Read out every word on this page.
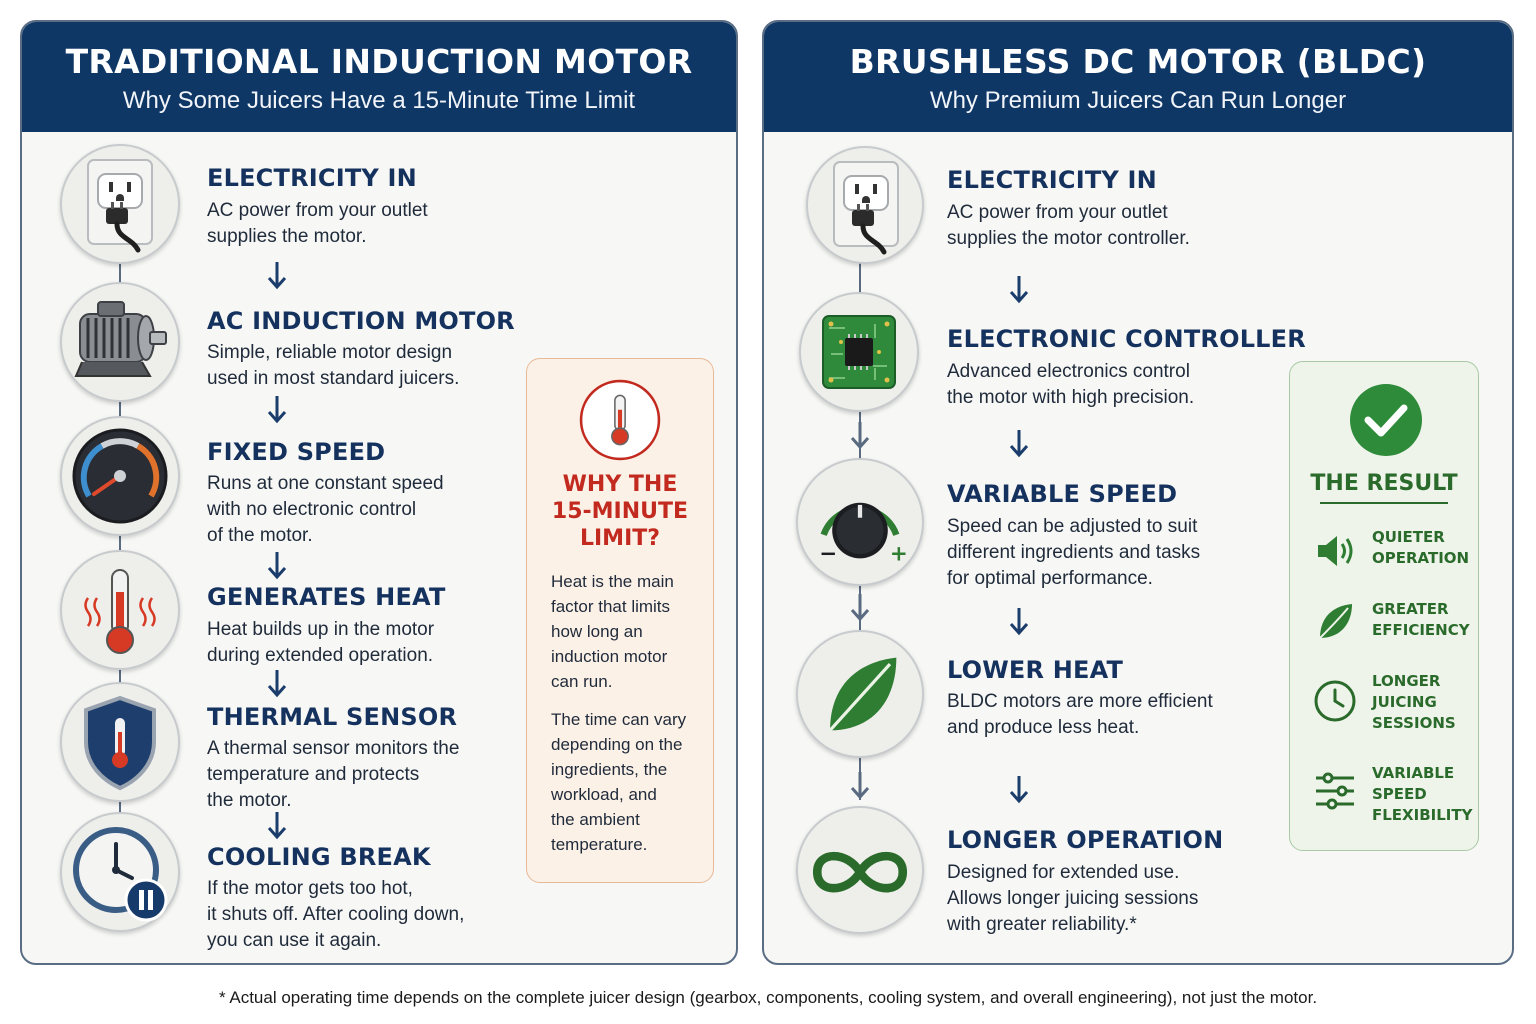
TRADITIONAL INDUCTION MOTOR
Why Some Juicers Have a 15-Minute Time Limit
ELECTRICITY IN
AC power from your outlet
supplies the motor.
AC INDUCTION MOTOR
Simple, reliable motor design
used in most standard juicers.
FIXED SPEED
Runs at one constant speed
with no electronic control
of the motor.
GENERATES HEAT
Heat builds up in the motor
during extended operation.
THERMAL SENSOR
A thermal sensor monitors the
temperature and protects
the motor.
COOLING BREAK
If the motor gets too hot,
it shuts off. After cooling down,
you can use it again.
WHY THE
15-MINUTE
LIMIT?
Heat is the main
factor that limits
how long an
induction motor
can run.
The time can vary
depending on the
ingredients, the
workload, and
the ambient
temperature.
BRUSHLESS DC MOTOR (BLDC)
Why Premium Juicers Can Run Longer
ELECTRICITY IN
AC power from your outlet
supplies the motor controller.
ELECTRONIC CONTROLLER
Advanced electronics control
the motor with high precision.
−	+
VARIABLE SPEED
Speed can be adjusted to suit
different ingredients and tasks
for optimal performance.
LOWER HEAT
BLDC motors are more efficient
and produce less heat.
LONGER OPERATION
Designed for extended use.
Allows longer juicing sessions
with greater reliability.*
THE RESULT
QUIETER
OPERATION
GREATER
EFFICIENCY
LONGER
JUICING
SESSIONS
VARIABLE
SPEED
FLEXIBILITY
* Actual operating time depends on the complete juicer design (gearbox, components, cooling system, and overall engineering), not just the motor.
